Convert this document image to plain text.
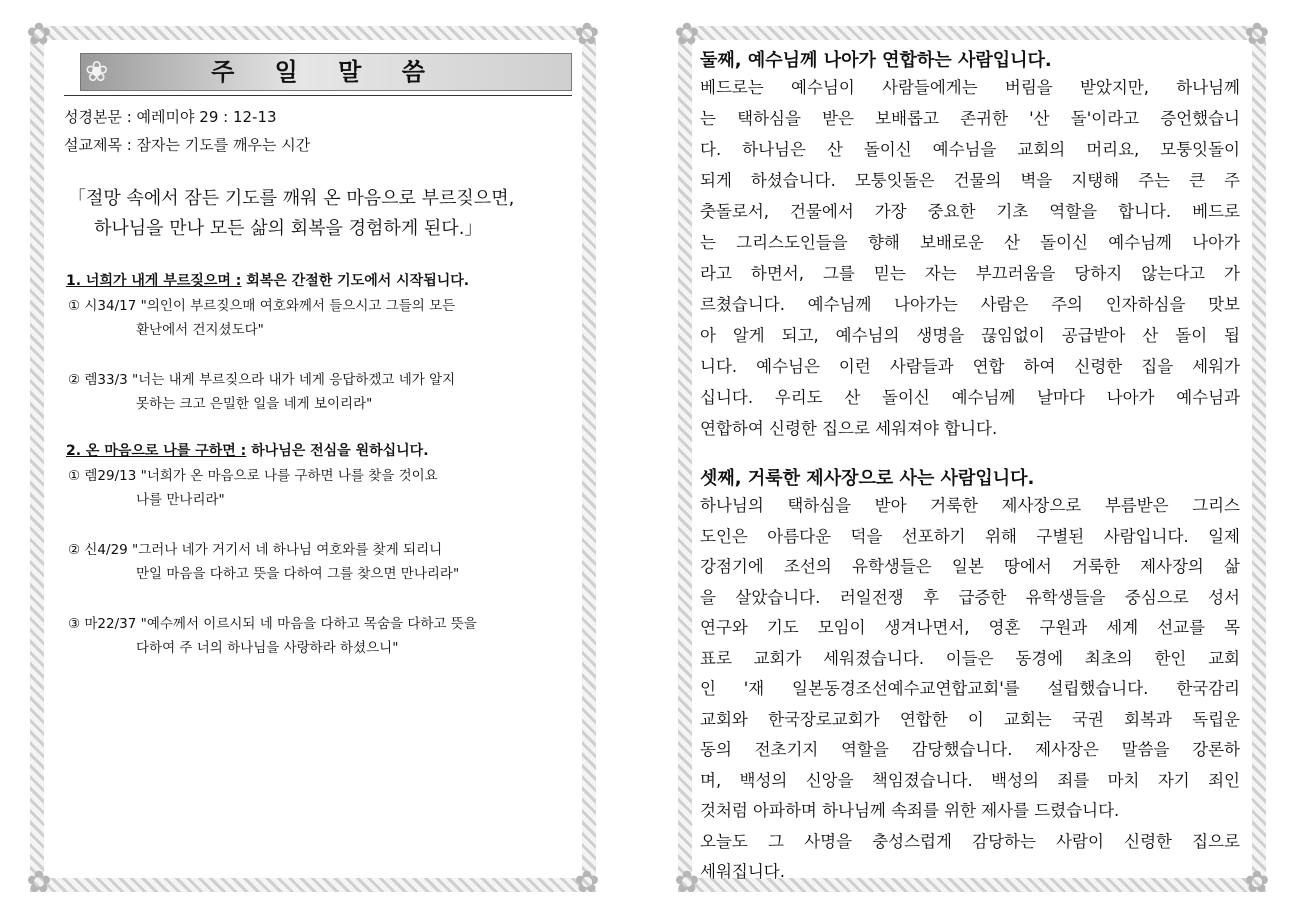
✿	✿
✿	✿
❀	주 일 말 씀
성경본문 : 예레미야 29 : 12-13
설교제목 : 잠자는 기도를 깨우는 시간
「절망 속에서 잠든 기도를 깨워 온 마음으로 부르짖으면,
하나님을 만나 모든 삶의 회복을 경험하게 된다.」
1. 너희가 내게 부르짖으며 : 회복은 간절한 기도에서 시작됩니다.
① 시34/17 "의인이 부르짖으매 여호와께서 들으시고 그들의 모든
환난에서 건지셨도다"
② 렘33/3 "너는 내게 부르짖으라 내가 네게 응답하겠고 네가 알지
못하는 크고 은밀한 일을 네게 보이리라"
2. 온 마음으로 나를 구하면 : 하나님은 전심을 원하십니다.
① 렘29/13 "너희가 온 마음으로 나를 구하면 나를 찾을 것이요
나를 만나리라"
② 신4/29 "그러나 네가 거기서 네 하나님 여호와를 찾게 되리니
만일 마음을 다하고 뜻을 다하여 그를 찾으면 만나리라"
③ 마22/37 "예수께서 이르시되 네 마음을 다하고 목숨을 다하고 뜻을
다하여 주 너의 하나님을 사랑하라 하셨으니"
✿	✿
✿	✿
둘째, 예수님께 나아가 연합하는 사람입니다.
베드로는 예수님이 사람들에게는 버림을 받았지만, 하나님께
는 택하심을 받은 보배롭고 존귀한 '산 돌'이라고 증언했습니
다. 하나님은 산 돌이신 예수님을 교회의 머리요, 모퉁잇돌이
되게 하셨습니다. 모퉁잇돌은 건물의 벽을 지탱해 주는 큰 주
춧돌로서, 건물에서 가장 중요한 기초 역할을 합니다. 베드로
는 그리스도인들을 향해 보배로운 산 돌이신 예수님께 나아가
라고 하면서, 그를 믿는 자는 부끄러움을 당하지 않는다고 가
르쳤습니다. 예수님께 나아가는 사람은 주의 인자하심을 맛보
아 알게 되고, 예수님의 생명을 끊임없이 공급받아 산 돌이 됩
니다. 예수님은 이런 사람들과 연합 하여 신령한 집을 세워가
십니다. 우리도 산 돌이신 예수님께 날마다 나아가 예수님과
연합하여 신령한 집으로 세워져야 합니다.
셋째, 거룩한 제사장으로 사는 사람입니다.
하나님의 택하심을 받아 거룩한 제사장으로 부름받은 그리스
도인은 아름다운 덕을 선포하기 위해 구별된 사람입니다. 일제
강점기에 조선의 유학생들은 일본 땅에서 거룩한 제사장의 삶
을 살았습니다. 러일전쟁 후 급증한 유학생들을 중심으로 성서
연구와 기도 모임이 생겨나면서, 영혼 구원과 세계 선교를 목
표로 교회가 세워졌습니다. 이들은 동경에 최초의 한인 교회
인 '재 일본동경조선예수교연합교회'를 설립했습니다. 한국감리
교회와 한국장로교회가 연합한 이 교회는 국권 회복과 독립운
동의 전초기지 역할을 감당했습니다. 제사장은 말씀을 강론하
며, 백성의 신앙을 책임졌습니다. 백성의 죄를 마치 자기 죄인
것처럼 아파하며 하나님께 속죄를 위한 제사를 드렸습니다.
오늘도 그 사명을 충성스럽게 감당하는 사람이 신령한 집으로
세워집니다.
